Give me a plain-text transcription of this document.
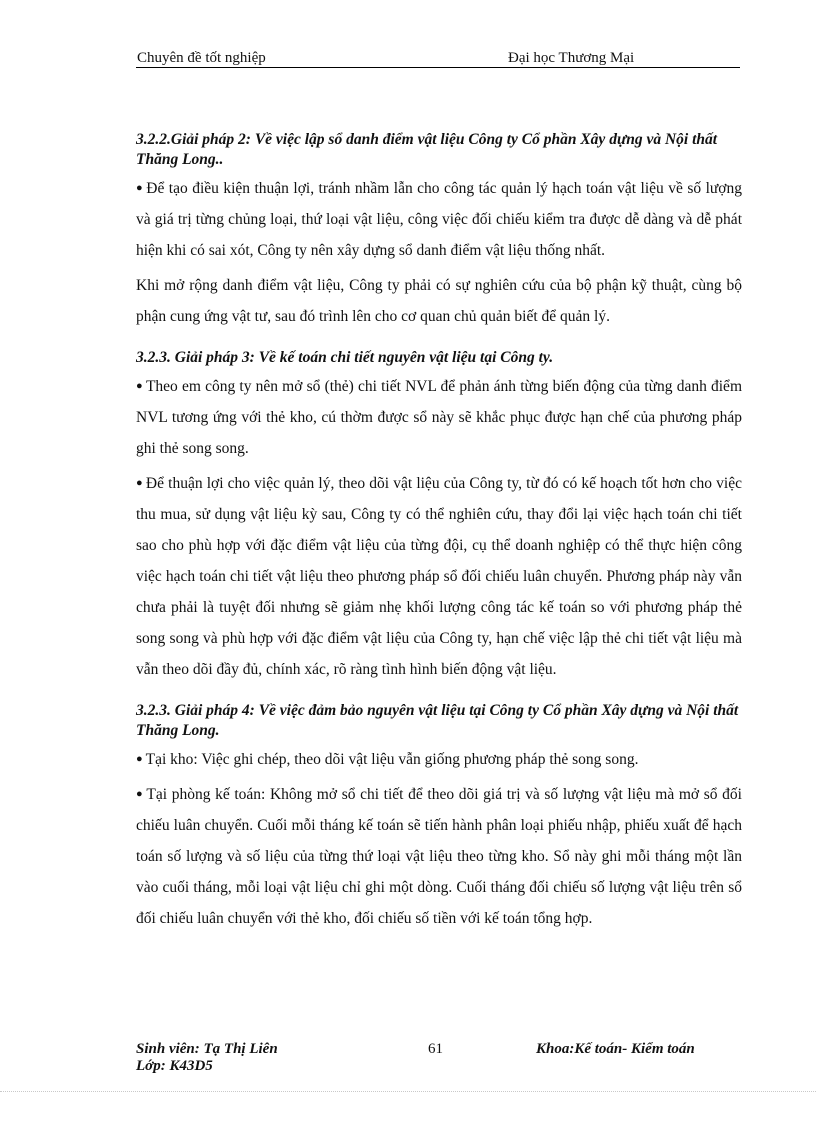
Chuyên đề tốt nghiệp	Đại học Thương Mại

3.2.2.Giải pháp 2: Về việc lập sổ danh điểm vật liệu Công ty Cổ phần Xây dựng và Nội thất Thăng Long..

● Để tạo điều kiện thuận lợi, tránh nhầm lẫn cho công tác quản lý hạch toán vật liệu về số lượng và giá trị từng chủng loại, thứ loại vật liệu, công việc đối chiếu kiểm tra được dễ dàng và dễ phát hiện khi có sai xót, Công ty nên xây dựng sổ danh điểm vật liệu thống nhất.

Khi mở rộng danh điểm vật liệu, Công ty phải có sự nghiên cứu của bộ phận kỹ thuật, cùng bộ phận cung ứng vật tư, sau đó trình lên cho cơ quan chủ quản biết để quản lý.

3.2.3. Giải pháp 3: Về kế toán chi tiết nguyên vật liệu tại Công ty.

● Theo em công ty nên mở sổ (thẻ) chi tiết NVL để phản ánh từng biến động của từng danh điểm NVL tương ứng với thẻ kho, cú thờm được sổ này sẽ khắc phục được hạn chế của phương pháp ghi thẻ song song.

● Để thuận lợi cho việc quản lý, theo dõi vật liệu của Công ty, từ đó có kế hoạch tốt hơn cho việc thu mua, sử dụng vật liệu kỳ sau, Công ty có thể nghiên cứu, thay đổi lại việc hạch toán chi tiết sao cho phù hợp với đặc điểm vật liệu của từng đội, cụ thể doanh nghiệp có thể thực hiện công việc hạch toán chi tiết vật liệu theo phương pháp sổ đối chiếu luân chuyển. Phương pháp này vẫn chưa phải là tuyệt đối nhưng sẽ giảm nhẹ khối lượng công tác kế toán so với phương pháp thẻ song song và phù hợp với đặc điểm vật liệu của Công ty, hạn chế việc lập thẻ chi tiết vật liệu mà vẫn theo dõi đầy đủ, chính xác, rõ ràng tình hình biến động vật liệu.

3.2.3. Giải pháp 4: Về việc đảm bảo nguyên vật liệu tại Công ty Cổ phần Xây dựng và Nội thất Thăng Long.

● Tại kho: Việc ghi chép, theo dõi vật liệu vẫn giống phương pháp thẻ song song.

● Tại phòng kế toán: Không mở sổ chi tiết để theo dõi giá trị và số lượng vật liệu mà mở sổ đối chiếu luân chuyển. Cuối mỗi tháng kế toán sẽ tiến hành phân loại phiếu nhập, phiếu xuất để hạch toán số lượng và số liệu của từng thứ loại vật liệu theo từng kho. Sổ này ghi mỗi tháng một lần vào cuối tháng, mỗi loại vật liệu chỉ ghi một dòng. Cuối tháng đối chiếu số lượng vật liệu trên sổ đối chiếu luân chuyển với thẻ kho, đối chiếu số tiền với kế toán tổng hợp.

Sinh viên: Tạ Thị Liên	61	Khoa:Kế toán- Kiểm toán
Lớp: K43D5
